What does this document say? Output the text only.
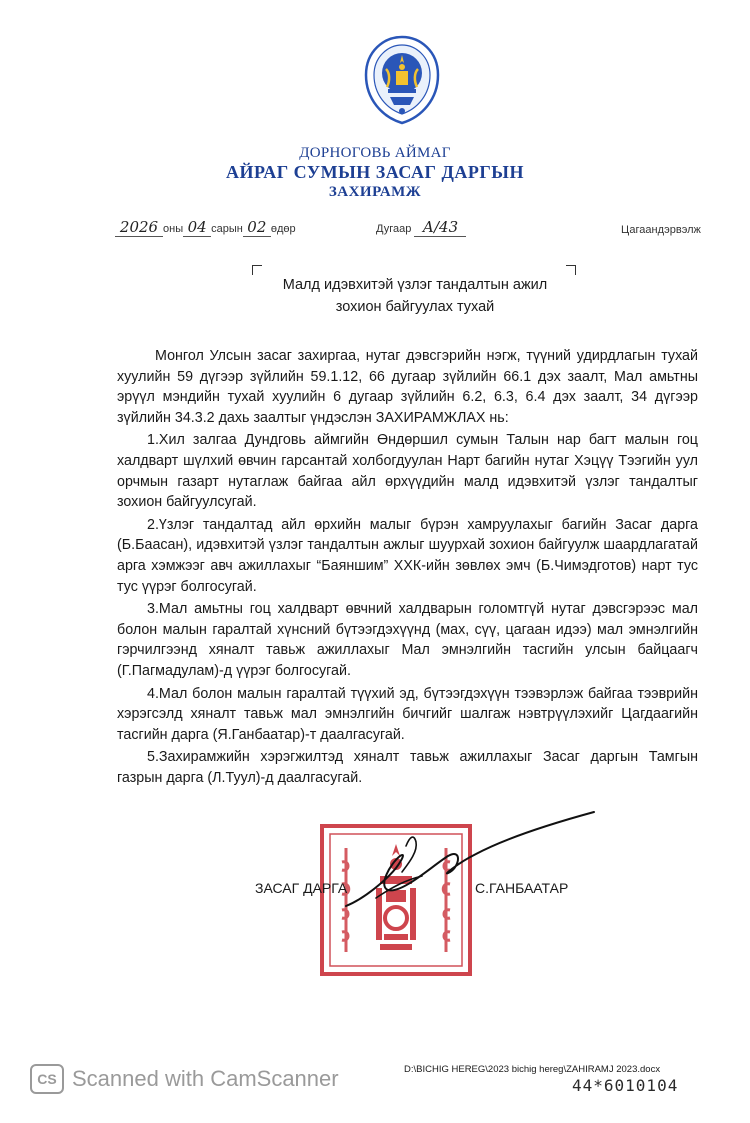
ДОРНОГОВЬ АЙМАГ
АЙРАГ СУМЫН ЗАСАГ ДАРГЫН
ЗАХИРАМЖ
2026 оны 04 сарын 02 өдөр	Дугаар А/43	Цагаандэрвэлж
Малд идэвхитэй үзлэг тандалтын ажил
зохион байгуулах тухай

Монгол Улсын засаг захиргаа, нутаг дэвсгэрийн нэгж, түүний удирдлагын тухай хуулийн 59 дүгээр зүйлийн 59.1.12, 66 дугаар зүйлийн 66.1 дэх заалт, Мал амьтны эрүүл мэндийн тухай хуулийн 6 дугаар зүйлийн 6.2, 6.3, 6.4 дэх заалт, 34 дүгээр зүйлийн 34.3.2 дахь заалтыг үндэслэн ЗАХИРАМЖЛАХ нь:

1.Хил залгаа Дундговь аймгийн Өндөршил сумын Талын нар багт малын гоц халдварт шүлхий өвчин гарсантай холбогдуулан Нарт багийн нутаг Хэцүү Тээгийн уул орчмын газарт нутаглаж байгаа айл өрхүүдийн малд идэвхитэй үзлэг тандалтыг зохион байгуулсугай.

2.Үзлэг тандалтад айл өрхийн малыг бүрэн хамруулахыг багийн Засаг дарга (Б.Баасан), идэвхитэй үзлэг тандалтын ажлыг шуурхай зохион байгуулж шаардлагатай арга хэмжээг авч ажиллахыг “Баяншим” ХХК-ийн зөвлөх эмч (Б.Чимэдготов) нарт тус тус үүрэг болгосугай.

3.Мал амьтны гоц халдварт өвчний халдварын голомтгүй нутаг дэвсгэрээс мал болон малын гаралтай хүнсний бүтээгдэхүүнд (мах, сүү, цагаан идээ) мал эмнэлгийн гэрчилгээнд хяналт тавьж ажиллахыг Мал эмнэлгийн тасгийн улсын байцаагч (Г.Пагмадулам)-д үүрэг болгосугай.

4.Мал болон малын гаралтай түүхий эд, бүтээгдэхүүн тээвэрлэж байгаа тээврийн хэрэгсэлд хяналт тавьж мал эмнэлгийн бичгийг шалгаж нэвтрүүлэхийг Цагдаагийн тасгийн дарга (Я.Ганбаатар)-т даалгасугай.

5.Захирамжийн хэрэгжилтэд хяналт тавьж ажиллахыг Засаг даргын Тамгын газрын дарга (Л.Туул)-д даалгасугай.

ЗАСАГ ДАРГА	С.ГАНБААТАР
CS Scanned with CamScanner	D:\BICHIG HEREG\2023 bichig hereg\ZAHIRAMJ 2023.docx
44*6010104
